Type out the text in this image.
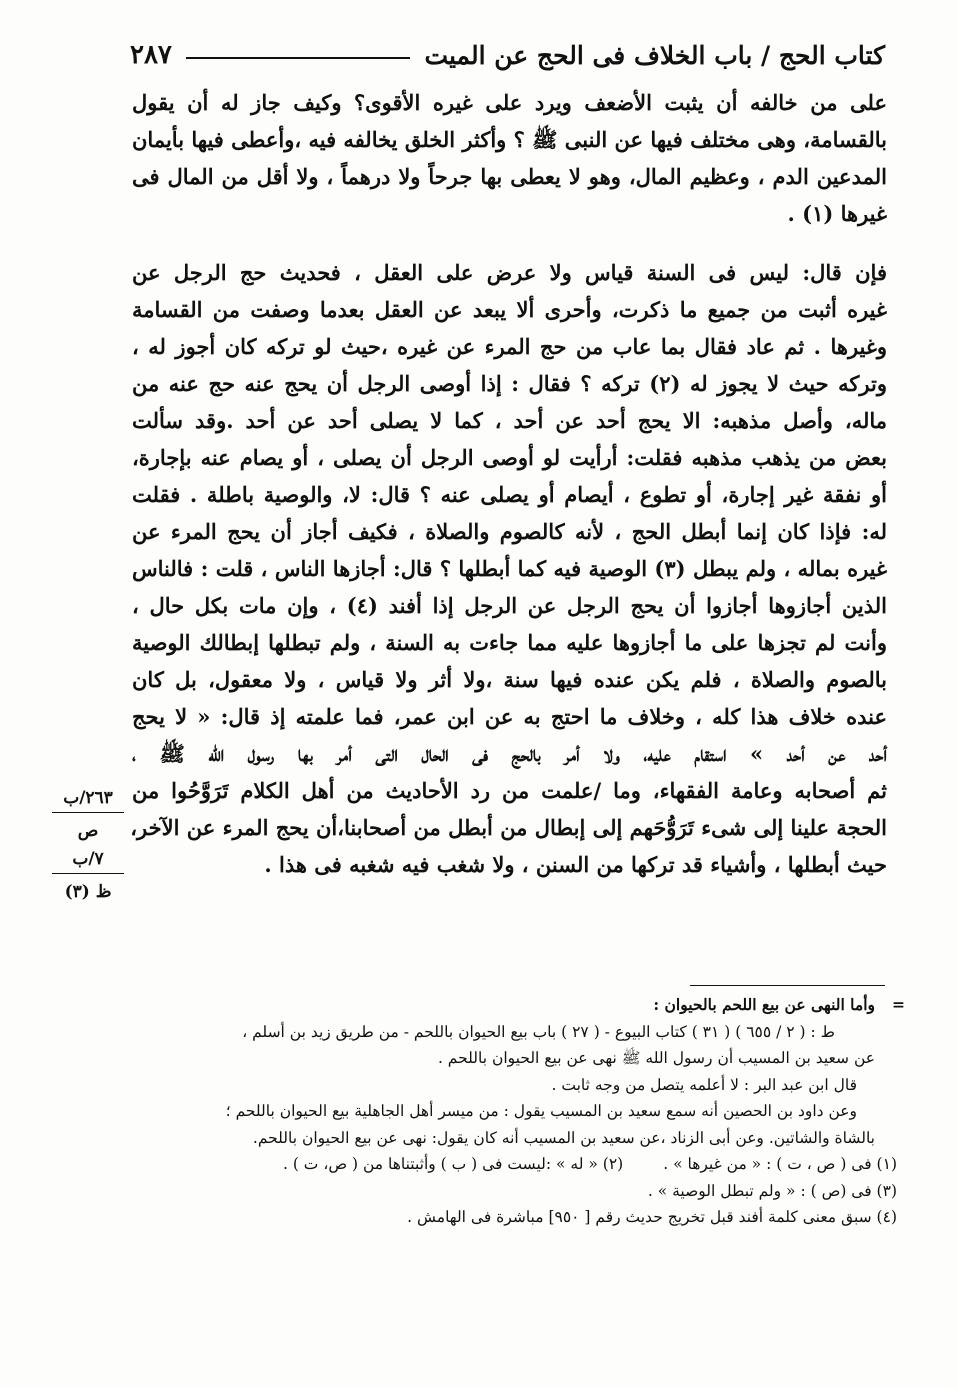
كتاب الحج / باب الخلاف فى الحج عن الميت
٢٨٧
على من خالفه أن يثبت الأضعف ويرد على غيره الأقوى؟ وكيف جاز له أن يقول
بالقسامة، وهى مختلف فيها عن النبى ﷺ ؟ وأكثر الخلق يخالفه فيه ،وأعطى فيها بأيمان
المدعين الدم ، وعظيم المال، وهو لا يعطى بها جرحاً ولا درهماً ، ولا أقل من المال فى
غيرها (١) .
فإن قال: ليس فى السنة قياس ولا عرض على العقل ، فحديث حج الرجل عن
غيره أثبت من جميع ما ذكرت، وأحرى ألا يبعد عن العقل بعدما وصفت من القسامة
وغيرها . ثم عاد فقال بما عاب من حج المرء عن غيره ،حيث لو تركه كان أجوز له ،
وتركه حيث لا يجوز له (٢) تركه ؟ فقال : إذا أوصى الرجل أن يحج عنه حج عنه من
ماله، وأصل مذهبه: الا يحج أحد عن أحد ، كما لا يصلى أحد عن أحد .وقد سألت
بعض من يذهب مذهبه فقلت: أرأيت لو أوصى الرجل أن يصلى ، أو يصام عنه بإجارة،
أو نفقة غير إجارة، أو تطوع ، أيصام أو يصلى عنه ؟ قال: لا، والوصية باطلة . فقلت
له: فإذا كان إنما أبطل الحج ، لأنه كالصوم والصلاة ، فكيف أجاز أن يحج المرء عن
غيره بماله ، ولم يبطل (٣) الوصية فيه كما أبطلها ؟ قال: أجازها الناس ، قلت : فالناس
الذين أجازوها أجازوا أن يحج الرجل عن الرجل إذا أفند (٤) ، وإن مات بكل حال ،
وأنت لم تجزها على ما أجازوها عليه مما جاءت به السنة ، ولم تبطلها إبطالك الوصية
بالصوم والصلاة ، فلم يكن عنده فيها سنة ،ولا أثر ولا قياس ، ولا معقول، بل كان
عنده خلاف هذا كله ، وخلاف ما احتج به عن ابن عمر، فما علمته إذ قال: « لا يحج
أحد عن أحد » استقام عليه، ولا أمر بالحج فى الحال التى أمر بها رسول الله ﷺ ،
ثم أصحابه وعامة الفقهاء، وما /علمت من رد الأحاديث من أهل الكلام تَرَوَّحُوا من
الحجة علينا إلى شىء تَرَوُّحَهم إلى إبطال من أبطل من أصحابنا،أن يحج المرء عن الآخر،
حيث أبطلها ، وأشياء قد تركها من السنن ، ولا شغب فيه شغبه فى هذا .
٢٦٣/ب
ص
٧/ب
ظ (٣)
=
وأما النهى عن بيع اللحم بالحيوان :
ط : ( ٢ / ٦٥٥ ) ( ٣١ ) كتاب البيوع - ( ٢٧ ) باب بيع الحيوان باللحم - من طريق زيد بن أسلم ،
عن سعيد بن المسيب أن رسول الله ﷺ نهى عن بيع الحيوان باللحم .
قال ابن عبد البر : لا أعلمه يتصل من وجه ثابت .
وعن داود بن الحصين أنه سمع سعيد بن المسيب يقول : من ميسر أهل الجاهلية بيع الحيوان باللحم ؛
بالشاة والشاتين. وعن أبى الزناد ،عن سعيد بن المسيب أنه كان يقول: نهى عن بيع الحيوان باللحم.
(١) فى ( ص ، ت ) : « من غيرها » .
(٢) « له » :ليست فى ( ب ) وأثبتناها من ( ص، ت ) .
(٣) فى (ص ) : « ولم تبطل الوصية » .
(٤) سبق معنى كلمة أفند قبل تخريج حديث رقم [ ٩٥٠] مباشرة فى الهامش .
